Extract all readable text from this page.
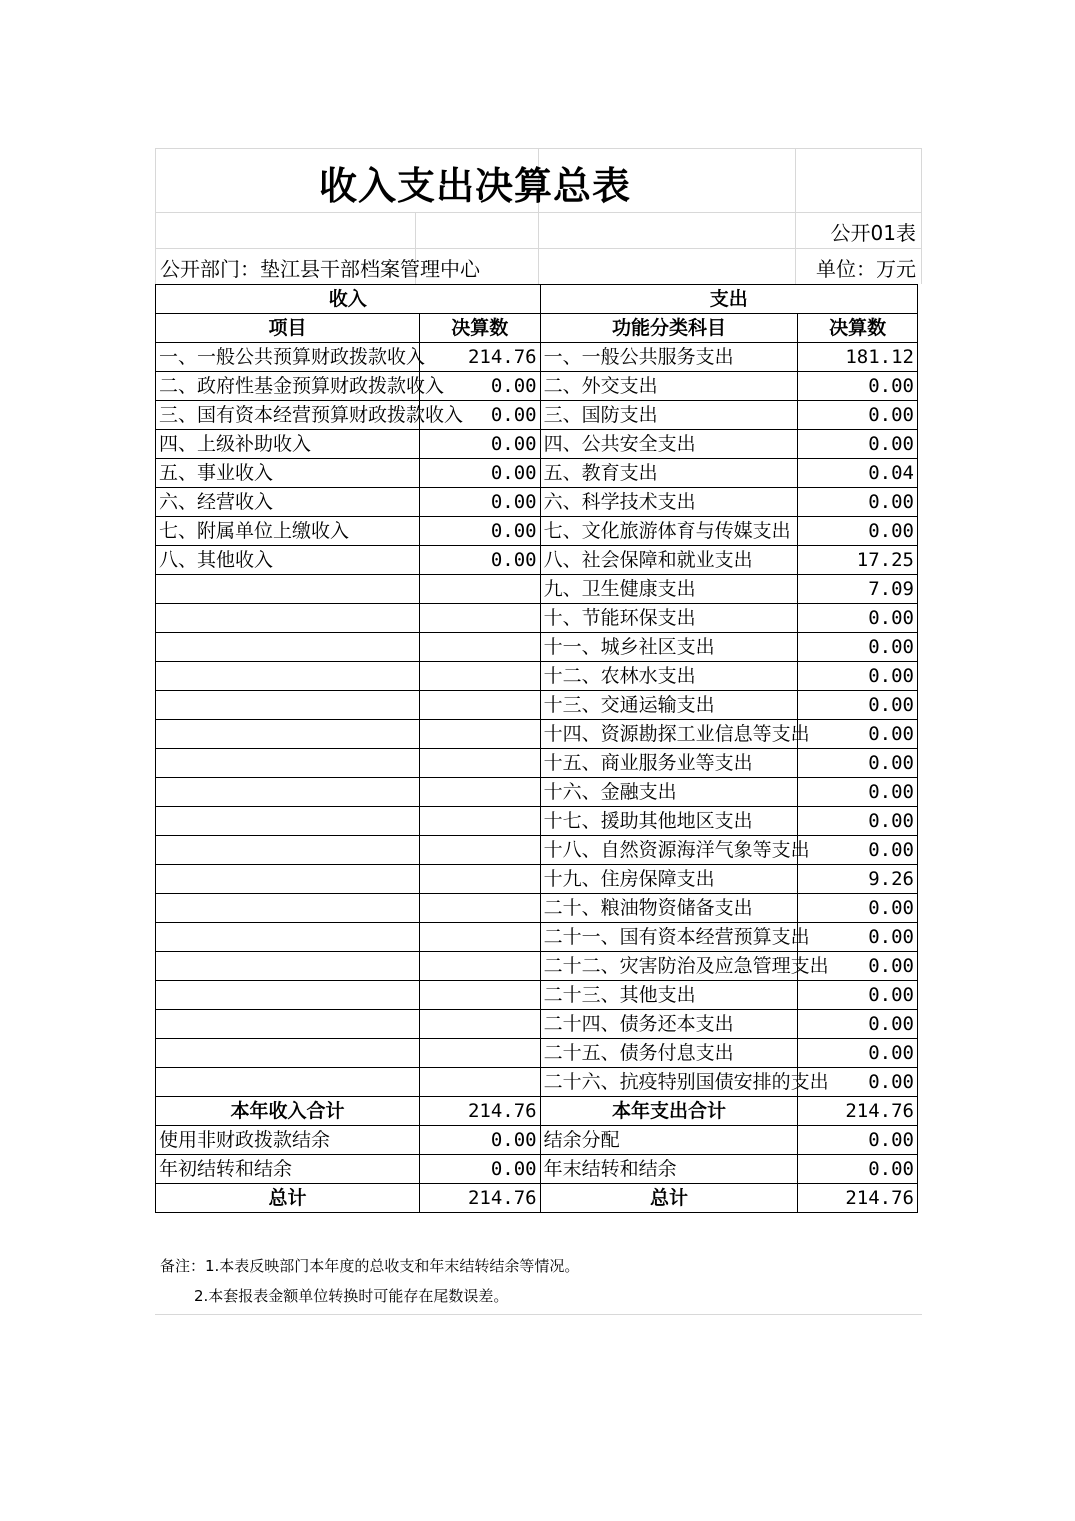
收入支出决算总表
公开01表
公开部门：垫江县干部档案管理中心	单位：万元
收入		支出	
项目	决算数	功能分类科目	决算数
一、一般公共预算财政拨款收入	214.76	一、一般公共服务支出	181.12
二、政府性基金预算财政拨款收入	0.00	二、外交支出	0.00
三、国有资本经营预算财政拨款收入	0.00	三、国防支出	0.00
四、上级补助收入	0.00	四、公共安全支出	0.00
五、事业收入	0.00	五、教育支出	0.04
六、经营收入	0.00	六、科学技术支出	0.00
七、附属单位上缴收入	0.00	七、文化旅游体育与传媒支出	0.00
八、其他收入	0.00	八、社会保障和就业支出	17.25
		九、卫生健康支出	7.09
		十、节能环保支出	0.00
		十一、城乡社区支出	0.00
		十二、农林水支出	0.00
		十三、交通运输支出	0.00
		十四、资源勘探工业信息等支出	0.00
		十五、商业服务业等支出	0.00
		十六、金融支出	0.00
		十七、援助其他地区支出	0.00
		十八、自然资源海洋气象等支出	0.00
		十九、住房保障支出	9.26
		二十、粮油物资储备支出	0.00
		二十一、国有资本经营预算支出	0.00
		二十二、灾害防治及应急管理支出	0.00
		二十三、其他支出	0.00
		二十四、债务还本支出	0.00
		二十五、债务付息支出	0.00
		二十六、抗疫特别国债安排的支出	0.00
本年收入合计	214.76	本年支出合计	214.76
使用非财政拨款结余	0.00	结余分配	0.00
年初结转和结余	0.00	年末结转和结余	0.00
总计	214.76	总计	214.76
备注：1.本表反映部门本年度的总收支和年末结转结余等情况。
2.本套报表金额单位转换时可能存在尾数误差。
